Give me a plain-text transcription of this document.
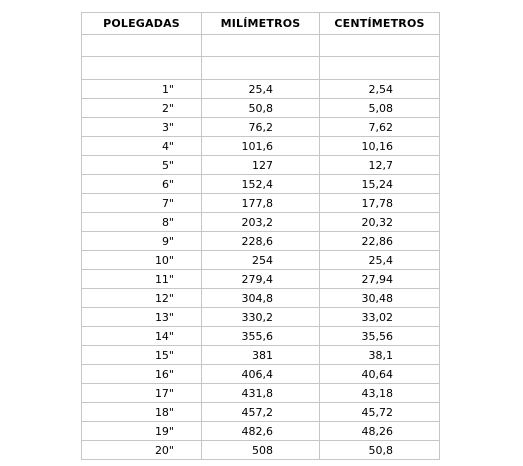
POLEGADAS	MILÍMETROS	CENTÍMETROS

1"	25,4	2,54
2"	50,8	5,08
3"	76,2	7,62
4"	101,6	10,16
5"	127	12,7
6"	152,4	15,24
7"	177,8	17,78
8"	203,2	20,32
9"	228,6	22,86
10"	254	25,4
11"	279,4	27,94
12"	304,8	30,48
13"	330,2	33,02
14"	355,6	35,56
15"	381	38,1
16"	406,4	40,64
17"	431,8	43,18
18"	457,2	45,72
19"	482,6	48,26
20"	508	50,8
